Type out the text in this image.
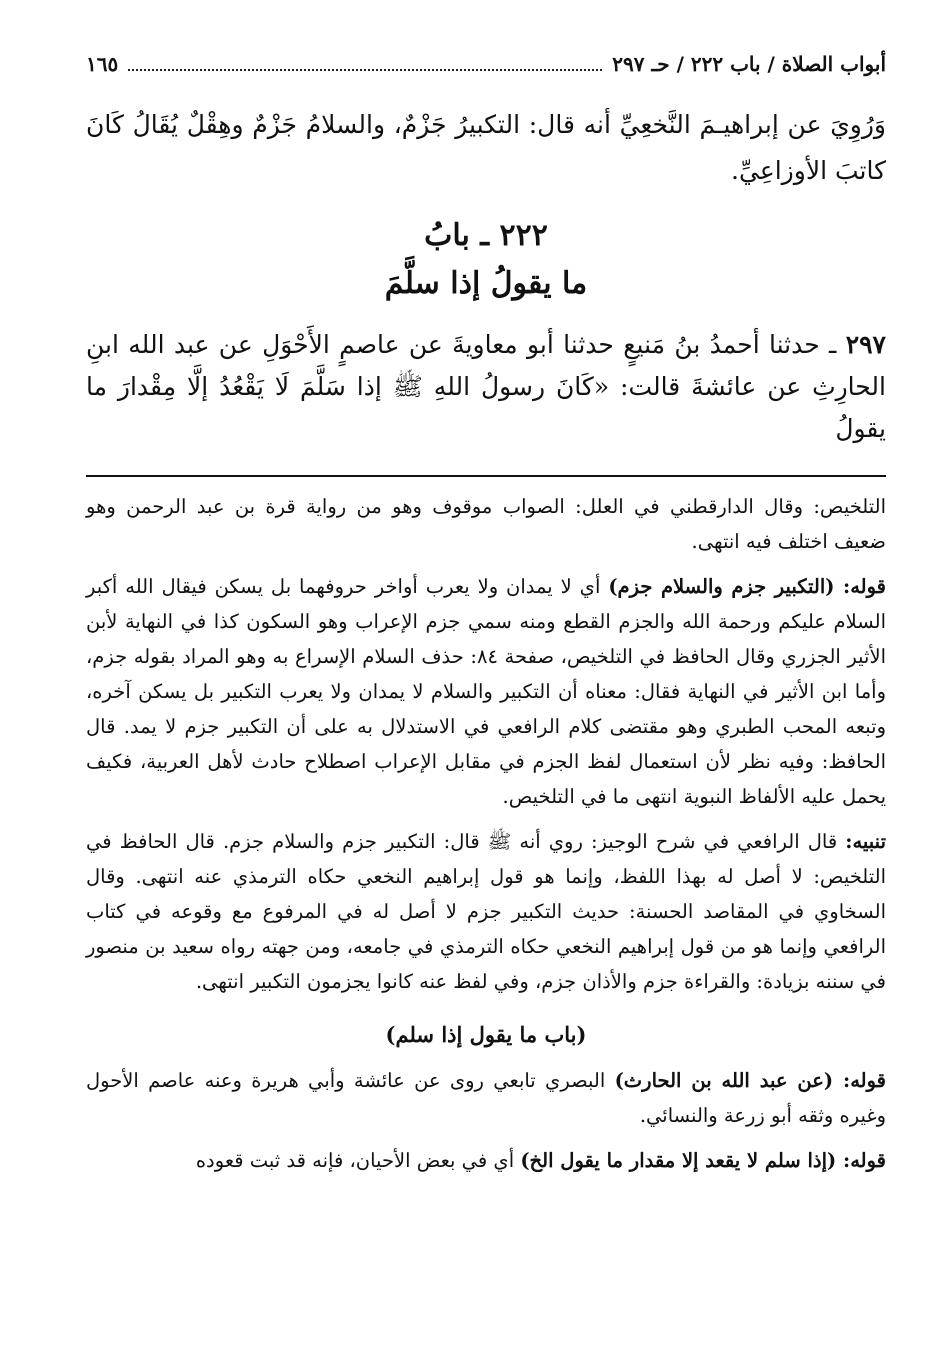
أبواب الصلاة / باب ٢٢٢ / حـ ٢٩٧
١٦٥

وَرُوِيَ عن إبراهيـمَ النَّخعِيِّ أنه قال: التكبيرُ جَزْمٌ، والسلامُ جَزْمٌ وهِقْلٌ يُقَالُ كَانَ كاتبَ الأوزاعِيِّ.

٢٢٢ ـ بابُ
ما يقولُ إذا سلَّمَ

٢٩٧ ـ حدثنا أحمدُ بنُ مَنيعٍ حدثنا أبو معاويةَ عن عاصمٍ الأَحْوَلِ عن عبد الله ابنِ الحارِثِ عن عائشةَ قالت: «كَانَ رسولُ اللهِ ﷺ إذا سَلَّمَ لَا يَقْعُدُ إلَّا مِقْدارَ ما يقولُ

التلخيص: وقال الدارقطني في العلل: الصواب موقوف وهو من رواية قرة بن عبد الرحمن وهو ضعيف اختلف فيه انتهى.

قوله: (التكبير جزم والسلام جزم) أي لا يمدان ولا يعرب أواخر حروفهما بل يسكن فيقال الله أكبر السلام عليكم ورحمة الله والجزم القطع ومنه سمي جزم الإعراب وهو السكون كذا في النهاية لأبن الأثير الجزري وقال الحافظ في التلخيص، صفحة ٨٤: حذف السلام الإسراع به وهو المراد بقوله جزم، وأما ابن الأثير في النهاية فقال: معناه أن التكبير والسلام لا يمدان ولا يعرب التكبير بل يسكن آخره، وتبعه المحب الطبري وهو مقتضى كلام الرافعي في الاستدلال به على أن التكبير جزم لا يمد. قال الحافظ: وفيه نظر لأن استعمال لفظ الجزم في مقابل الإعراب اصطلاح حادث لأهل العربية، فكيف يحمل عليه الألفاظ النبوية انتهى ما في التلخيص.

تنبيه: قال الرافعي في شرح الوجيز: روي أنه ﷺ قال: التكبير جزم والسلام جزم. قال الحافظ في التلخيص: لا أصل له بهذا اللفظ، وإنما هو قول إبراهيم النخعي حكاه الترمذي عنه انتهى. وقال السخاوي في المقاصد الحسنة: حديث التكبير جزم لا أصل له في المرفوع مع وقوعه في كتاب الرافعي وإنما هو من قول إبراهيم النخعي حكاه الترمذي في جامعه، ومن جهته رواه سعيد بن منصور في سننه بزيادة: والقراءة جزم والأذان جزم، وفي لفظ عنه كانوا يجزمون التكبير انتهى.

(باب ما يقول إذا سلم)

قوله: (عن عبد الله بن الحارث) البصري تابعي روى عن عائشة وأبي هريرة وعنه عاصم الأحول وغيره وثقه أبو زرعة والنسائي.

قوله: (إذا سلم لا يقعد إلا مقدار ما يقول الخ) أي في بعض الأحيان، فإنه قد ثبت قعوده
